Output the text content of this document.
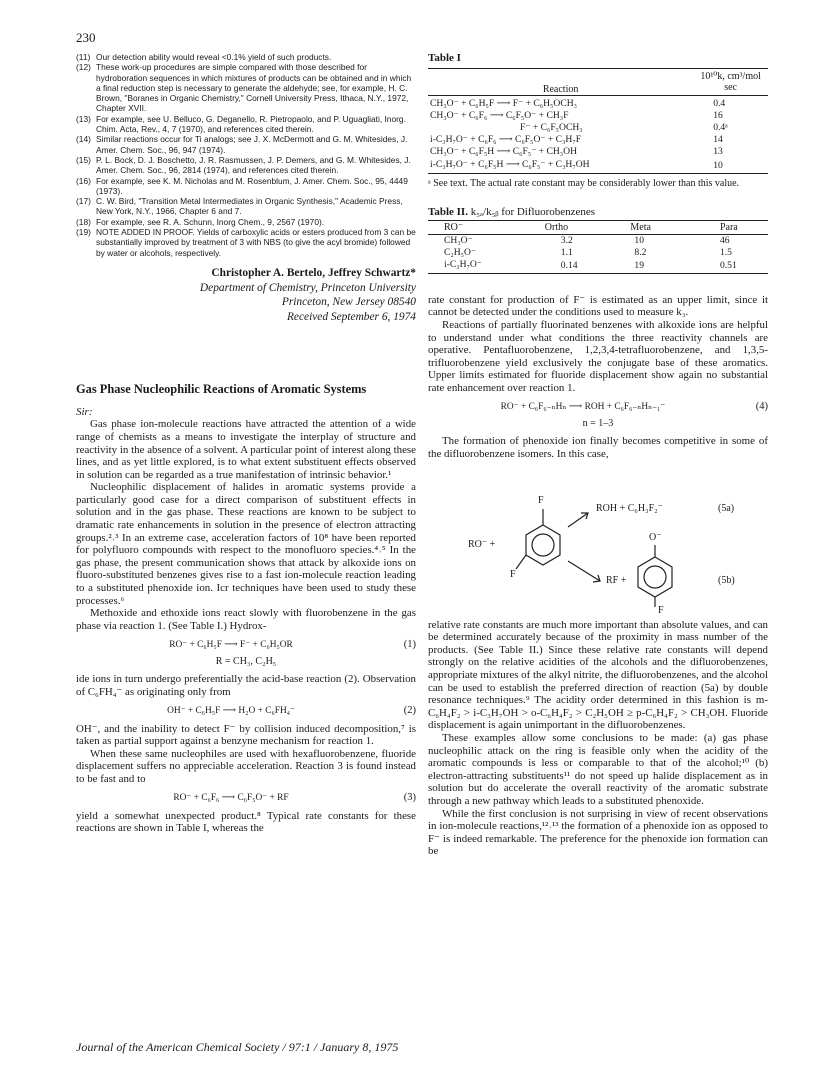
230
(11) Our detection ability would reveal <0.1% yield of such products.
(12) These work-up procedures are simple compared with those described for hydroboration sequences in which mixtures of products can be obtained and in which a final reduction step is necessary to generate the aldehyde; see, for example, H. C. Brown, "Boranes in Organic Chemistry," Cornell University Press, Ithaca, N.Y., 1972, Chapter XVII.
(13) For example, see U. Belluco, G. Deganello, R. Pietropaolo, and P. Uguagliati, Inorg. Chim. Acta, Rev., 4, 7 (1970), and references cited therein.
(14) Similar reactions occur for Ti analogs; see J. X. McDermott and G. M. Whitesides, J. Amer. Chem. Soc., 96, 947 (1974).
(15) P. L. Bock, D. J. Boschetto, J. R. Rasmussen, J. P. Demers, and G. M. Whitesides, J. Amer. Chem. Soc., 96, 2814 (1974), and references cited therein.
(16) For example, see K. M. Nicholas and M. Rosenblum, J. Amer. Chem. Soc., 95, 4449 (1973).
(17) C. W. Bird, "Transition Metal Intermediates in Organic Synthesis," Academic Press, New York, N.Y., 1966, Chapter 6 and 7.
(18) For example, see R. A. Schunn, Inorg Chem., 9, 2567 (1970).
(19) NOTE ADDED IN PROOF. Yields of carboxylic acids or esters produced from 3 can be substantially improved by treatment of 3 with NBS (to give the acyl bromide) followed by water or alcohols, respectively.
Christopher A. Bertelo, Jeffrey Schwartz*
Department of Chemistry, Princeton University
Princeton, New Jersey 08540
Received September 6, 1974
Gas Phase Nucleophilic Reactions of Aromatic Systems
Sir:

Gas phase ion-molecule reactions have attracted the attention of a wide range of chemists as a means to investigate the interplay of structure and reactivity in the absence of a solvent. A particular point of interest along these lines, and as yet little explored, is to what extent substituent effects observed in solution can be regarded as a true manifestation of intrinsic behavior.¹

Nucleophilic displacement of halides in aromatic systems provide a particularly good case for a direct comparison of substituent effects in solution and in the gas phase. These reactions are known to be subject to dramatic rate enhancements in solution in the presence of electron attracting groups.²˒³ In an extreme case, acceleration factors of 10⁸ have been reported for polyfluoro compounds with respect to the monofluoro species.⁴˒⁵ In the gas phase, the present communication shows that attack by alkoxide ions on fluoro-substituted benzenes gives rise to a fast ion-molecule reaction leading to a substituted phenoxide ion. Icr techniques have been used to study these processes.⁶

Methoxide and ethoxide ions react slowly with fluorobenzene in the gas phase via reaction 1. (See Table I.) Hydrox-

RO⁻ + C₆H₅F ⟶ F⁻ + C₆H₅OR	(1)
R = CH₃, C₂H₅

ide ions in turn undergo preferentially the acid-base reaction (2). Observation of C₆FH₄⁻ as originating only from

OH⁻ + C₆H₅F ⟶ H₂O + C₆FH₄⁻	(2)

OH⁻, and the inability to detect F⁻ by collision induced decomposition,⁷ is taken as partial support against a benzyne mechanism for reaction 1.

When these same nucleophiles are used with hexafluorobenzene, fluoride displacement suffers no appreciable acceleration. Reaction 3 is found instead to be fast and to

RO⁻ + C₆F₆ ⟶ C₆F₅O⁻ + RF	(3)

yield a somewhat unexpected product.⁸ Typical rate constants for these reactions are shown in Table I, whereas the

Table I
Reaction	10¹⁰k, cm³/mol sec

CH₃O⁻ + C₆H₅F ⟶ F⁻ + C₆H₅OCH₃	0.4
CH₃O⁻ + C₆F₆ ⟶ C₆F₅O⁻ + CH₃F	16
F⁻ + C₆F₅OCH₃	0.4ᵃ
i-C₃H₇O⁻ + C₆F₆ ⟶ C₆F₅O⁻ + C₃H₇F	14
CH₃O⁻ + C₆F₅H ⟶ C₆F₅⁻ + CH₃OH	13
i-C₃H₇O⁻ + C₆F₅H ⟶ C₆F₅⁻ + C₃H₇OH	10
ᵃ See text. The actual rate constant may be considerably lower than this value.
Table II. k₅ₐ/k₅ᵦ for Difluorobenzenes
RO⁻	Ortho	Meta	Para
CH₃O⁻	3.2	10	46
C₂H₅O⁻	1.1	8.2	1.5
i-C₃H₇O⁻	0.14	19	0.51

rate constant for production of F⁻ is estimated as an upper limit, since it cannot be detected under the conditions used to measure k₃.

Reactions of partially fluorinated benzenes with alkoxide ions are helpful to understand under what conditions the three reactivity channels are operative. Pentafluorobenzene, 1,2,3,4-tetrafluorobenzene, and 1,3,5-trifluorobenzene yield exclusively the conjugate base of these aromatics. Upper limits estimated for fluoride displacement show again no substantial rate enhancement over reaction 1.

RO⁻ + C₆F₆₋ₙHₙ ⟶ ROH + C₆F₆₋ₙHₙ₋₁⁻	(4)
n = 1–3

The formation of phenoxide ion finally becomes competitive in some of the difluorobenzene isomers. In this case,

F
RO⁻ +
F
ROH + C₆H₃F₂⁻	(5a)
O⁻
RF +	(5b)
F

relative rate constants are much more important than absolute values, and can be determined accurately because of the proximity in mass number of the products. (See Table II.) Since these relative rate constants will depend strongly on the relative acidities of the alcohols and the difluorobenzenes, appropriate mixtures of the alkyl nitrite, the difluorobenzenes, and the alcohol can be used to establish the preferred direction of reaction (5a) by double resonance techniques.⁹ The acidity order determined in this fashion is m-C₆H₄F₂ > i-C₃H₇OH > o-C₆H₄F₂ > C₂H₅OH ≥ p-C₆H₄F₂ > CH₃OH. Fluoride displacement is again unimportant in the difluorobenzenes.

These examples allow some conclusions to be made: (a) gas phase nucleophilic attack on the ring is feasible only when the acidity of the aromatic compounds is less or comparable to that of the alcohol;¹⁰ (b) electron-attracting substituents¹¹ do not speed up halide displacement as in solution but do accelerate the overall reactivity of the aromatic substrate through a new pathway which leads to a substituted phenoxide.

While the first conclusion is not surprising in view of recent observations in ion-molecule reactions,¹²˒¹³ the formation of a phenoxide ion as opposed to F⁻ is indeed remarkable. The preference for the phenoxide ion formation can be

Journal of the American Chemical Society / 97:1 / January 8, 1975
